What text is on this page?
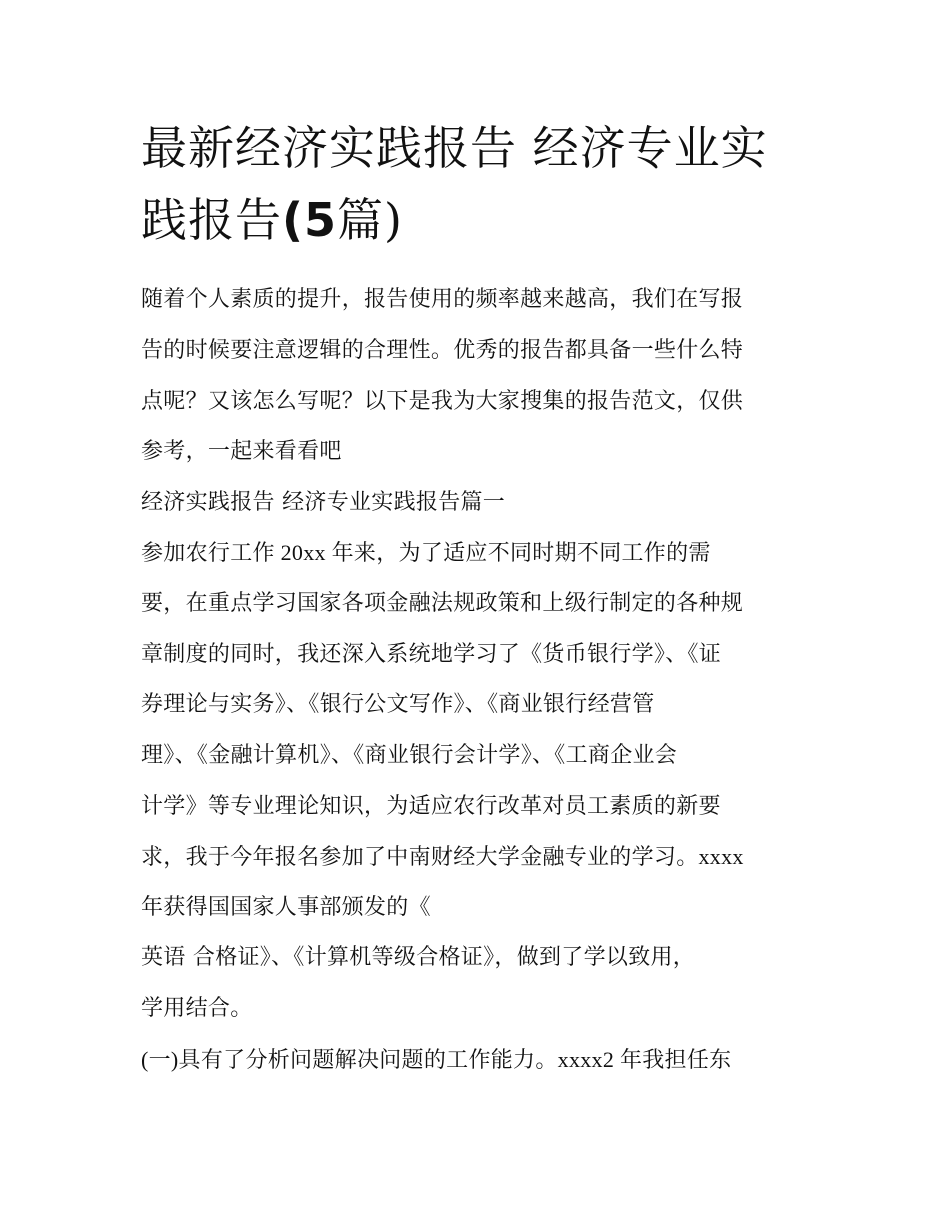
最新经济实践报告 经济专业实
践报告(5篇)

随着个人素质的提升，报告使用的频率越来越高，我们在写报

告的时候要注意逻辑的合理性。优秀的报告都具备一些什么特

点呢？又该怎么写呢？以下是我为大家搜集的报告范文，仅供

参考，一起来看看吧

经济实践报告 经济专业实践报告篇一

参加农行工作 20xx 年来，为了适应不同时期不同工作的需

要，在重点学习国家各项金融法规政策和上级行制定的各种规

章制度的同时，我还深入系统地学习了《货币银行学》、《证

券理论与实务》、《银行公文写作》、《商业银行经营管

理》、《金融计算机》、《商业银行会计学》、《工商企业会

计学》等专业理论知识，为适应农行改革对员工素质的新要

求，我于今年报名参加了中南财经大学金融专业的学习。xxxx

年获得国国家人事部颁发的《

英语 合格证》、《计算机等级合格证》，做到了学以致用，

学用结合。

(一)具有了分析问题解决问题的工作能力。xxxx2 年我担任东
